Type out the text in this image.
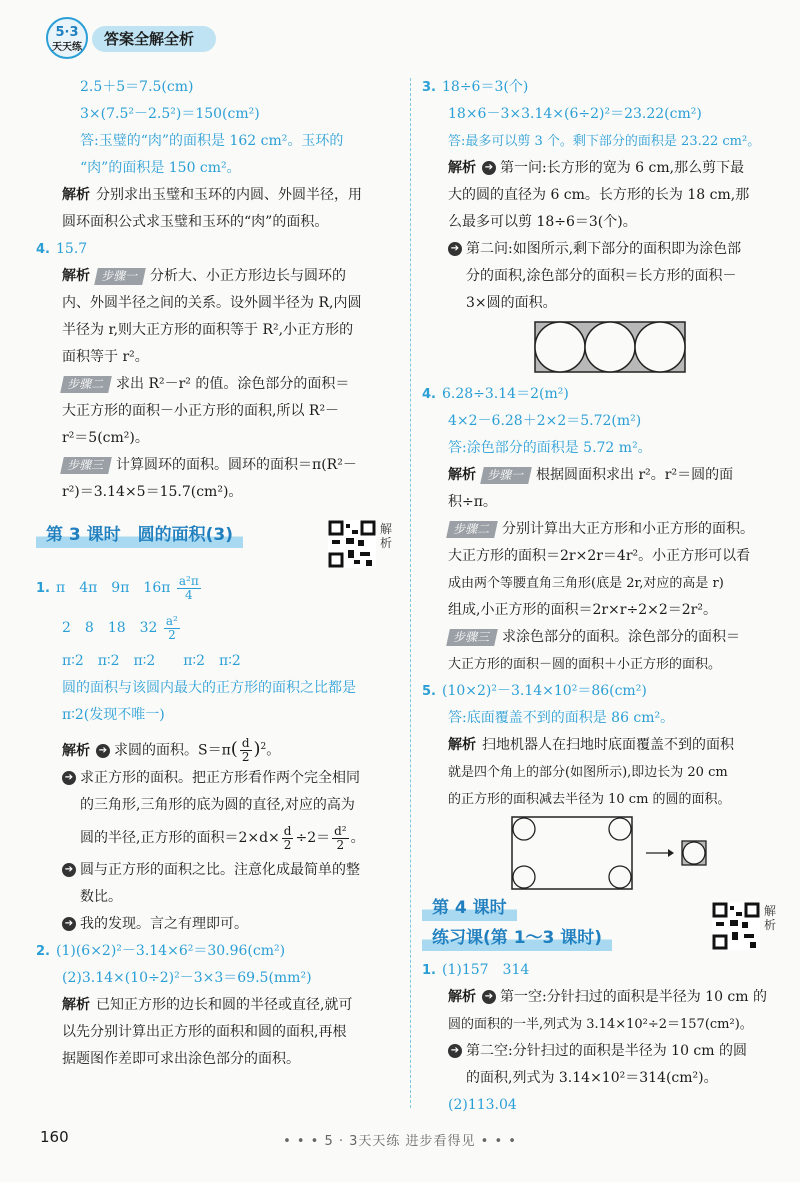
5·3
天天练	答案全解全析
2.5＋5＝7.5(cm)
3×(7.5²－2.5²)＝150(cm²)
答:玉璧的“肉”的面积是 162 cm²。玉环的
“肉”的面积是 150 cm²。
解析 分别求出玉璧和玉环的内圆、外圆半径，用
圆环面积公式求玉璧和玉环的“肉”的面积。
4. 15.7
解析 步骤一 分析大、小正方形边长与圆环的
内、外圆半径之间的关系。设外圆半径为 R,内圆
半径为 r,则大正方形的面积等于 R²,小正方形的
面积等于 r²。
步骤二 求出 R²－r² 的值。涂色部分的面积＝
大正方形的面积－小正方形的面积,所以 R²－
r²＝5(cm²)。
步骤三 计算圆环的面积。圆环的面积＝π(R²－
r²)＝3.14×5＝15.7(cm²)。
第 3 课时　圆的面积(3)	解析
1. π　4π　9π　$16\pi \frac{\text{a²π}}{4}$
2　8　18　$32 \frac{\text{a²}}{2}$
π∶2　π∶2　π∶2　　π∶2　π∶2
圆的面积与该圆内最大的正方形的面积之比都是
π∶2(发现不唯一)
解析 ➔ 求圆的面积。$S=\pi( \frac{d}{2} )^2$。
➔ 求正方形的面积。把正方形看作两个完全相同
的三角形,三角形的底为圆的直径,对应的高为
圆的半径,正方形的面积$=2\times d\times \frac{d}{2} \div 2= \frac{\text{d²}}{2}$ 。
➔ 圆与正方形的面积之比。注意化成最简单的整
数比。
➔ 我的发现。言之有理即可。
2. (1)(6×2)²－3.14×6²＝30.96(cm²)
(2)3.14×(10÷2)²－3×3＝69.5(mm²)
解析 已知正方形的边长和圆的半径或直径,就可
以先分别计算出正方形的面积和圆的面积,再根
据题图作差即可求出涂色部分的面积。
3. 18÷6＝3(个)
18×6－3×3.14×(6÷2)²＝23.22(cm²)
答:最多可以剪 3 个。剩下部分的面积是 23.22 cm²。
解析 ➔ 第一问:长方形的宽为 6 cm,那么剪下最
大的圆的直径为 6 cm。长方形的长为 18 cm,那
么最多可以剪 18÷6＝3(个)。
➔ 第二问:如图所示,剩下部分的面积即为涂色部
分的面积,涂色部分的面积＝长方形的面积－
3×圆的面积。
4. 6.28÷3.14＝2(m²)
4×2－6.28＋2×2＝5.72(m²)
答:涂色部分的面积是 5.72 m²。
解析 步骤一 根据圆面积求出 r²。r²＝圆的面
积÷π。
步骤二 分别计算出大正方形和小正方形的面积。
大正方形的面积＝2r×2r＝4r²。小正方形可以看
成由两个等腰直角三角形(底是 2r,对应的高是 r)
组成,小正方形的面积＝2r×r÷2×2＝2r²。
步骤三 求涂色部分的面积。涂色部分的面积＝
大正方形的面积－圆的面积＋小正方形的面积。
5. (10×2)²－3.14×10²＝86(cm²)
答:底面覆盖不到的面积是 86 cm²。
解析 扫地机器人在扫地时底面覆盖不到的面积
就是四个角上的部分(如图所示),即边长为 20 cm
的正方形的面积减去半径为 10 cm 的圆的面积。
第 4 课时
练习课(第 1～3 课时)
解析
1. (1)157　314
解析 ➔ 第一空:分针扫过的面积是半径为 10 cm 的
圆的面积的一半,列式为 3.14×10²÷2＝157(cm²)。
➔ 第二空:分针扫过的面积是半径为 10 cm 的圆
的面积,列式为 3.14×10²＝314(cm²)。
(2)113.04
160	• • • 5 · 3天天练 进步看得见 • • •
